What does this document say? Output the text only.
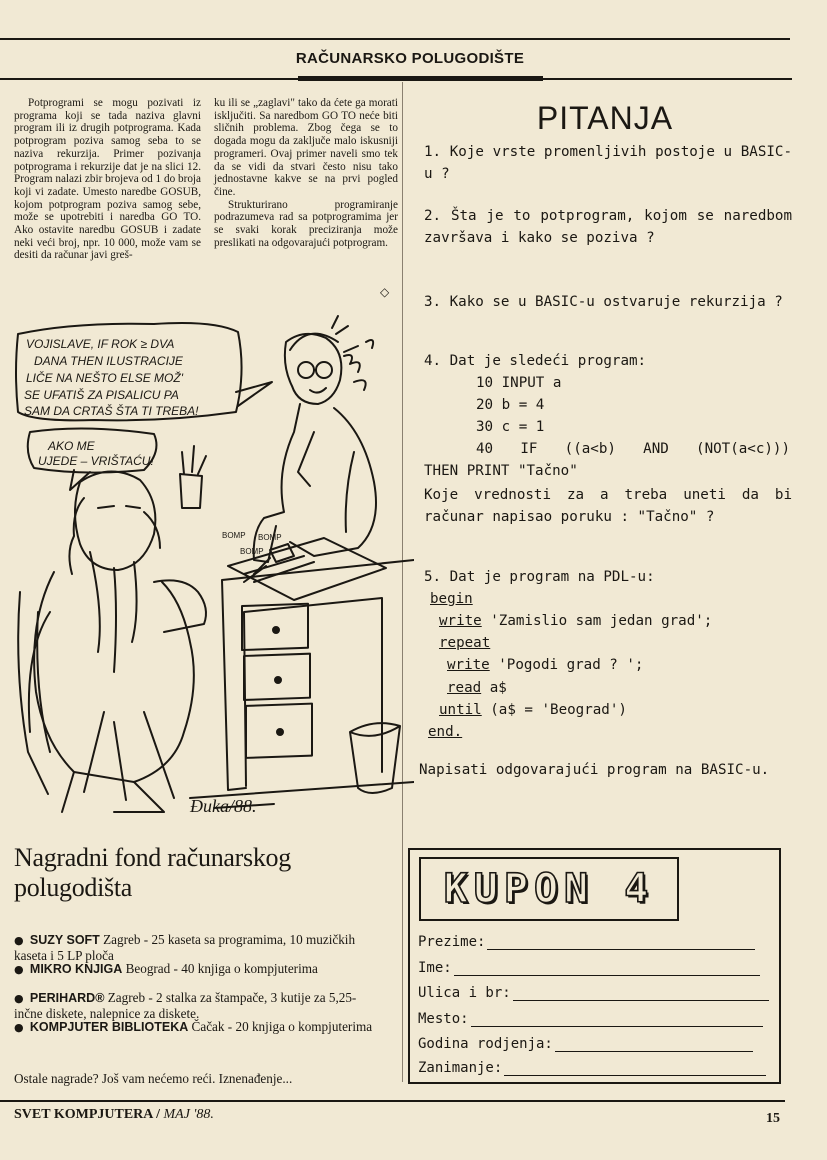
RAČUNARSKO POLUGODIŠTE

Potprogrami se mogu pozivati iz programa koji se tada naziva glavni program ili iz drugih potprograma. Kada potprogram poziva samog seba to se naziva rekurzija. Primer pozivanja potprograma i rekurzije dat je na slici 12. Program nalazi zbir brojeva od 1 do broja koji vi zadate. Umesto naredbe GOSUB, kojom potprogram poziva samog sebe, može se upotrebiti i naredba GO TO. Ako ostavite naredbu GOSUB i zadate neki veći broj, npr. 10 000, može vam se desiti da računar javi greš-

ku ili se „zaglavi" tako da ćete ga morati isključiti. Sa naredbom GO TO neće biti sličnih problema. Zbog čega se to dogada mogu da zaključe malo iskusniji programeri. Ovaj primer naveli smo tek da se vidi da stvari često nisu tako jednostavne kakve se na prvi pogled čine.

Strukturirano programiranje podrazumeva rad sa potprogramima jer se svaki korak preciziranja može preslikati na odgovarajući potprogram.

◇
PITANJA
1. Koje vrste promenljivih postoje u BASIC-u ?
2. Šta je to potprogram, kojom se naredbom završava i kako se poziva ?
3. Kako se u BASIC-u ostvaruje rekurzija ?
4. Dat je sledeći program:
10 INPUT a
20 b = 4
30 c = 1
40 IF ((a<b) AND (NOT(a<c)))
THEN PRINT "Tačno"
Koje vrednosti za a treba uneti da bi računar napisao poruku : "Tačno" ?
5. Dat je program na PDL-u:
begin
write 'Zamislio sam jedan grad';
repeat
write 'Pogodi grad ? ';
read a$
until (a$ = 'Beograd')
end.
Napisati odgovarajući program na BASIC-u.
VOJISLAVE, IF ROK ≥ DVA
DANA THEN ILUSTRACIJE
LIČE NA NEŠTO ELSE MOŽ'
SE UFATIŠ ZA PISALICU PA
SAM DA CRTAŠ ŠTA TI TREBA!
AKO ME
UJEDE – VRIŠTAĆU!
BOMP BOMP
BOMP
Đuka/88.
Nagradni fond računarskog polugodišta
● SUZY SOFT Zagreb - 25 kaseta sa programima, 10 muzičkih kaseta i 5 LP ploča
● MIKRO KNJIGA Beograd - 40 knjiga o kompjuterima
● PERIHARD® Zagreb - 2 stalka za štampače, 3 kutije za 5,25-inčne diskete, nalepnice za diskete.
● KOMPJUTER BIBLIOTEKA Čačak - 20 knjiga o kompjuterima
Ostale nagrade? Još vam nećemo reći. Iznenađenje...
KUPON 4
Prezime:
Ime:
Ulica i br:
Mesto:
Godina rodjenja:
Zanimanje:
SVET KOMPJUTERA / MAJ '88.	15
